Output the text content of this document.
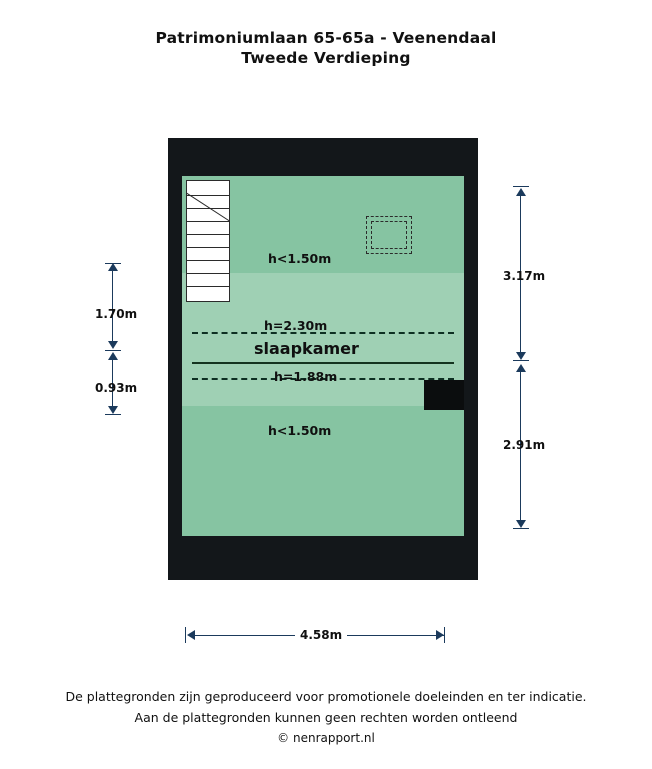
Patrimoniumlaan 65-65a - Veenendaal
Tweede Verdieping
h<1.50m
h=2.30m
slaapkamer
h=1.88m
h<1.50m
1.70m
0.93m
3.17m
2.91m
4.58m
De plattegronden zijn geproduceerd voor promotionele doeleinden en ter indicatie.
Aan de plattegronden kunnen geen rechten worden ontleend
© nenrapport.nl
